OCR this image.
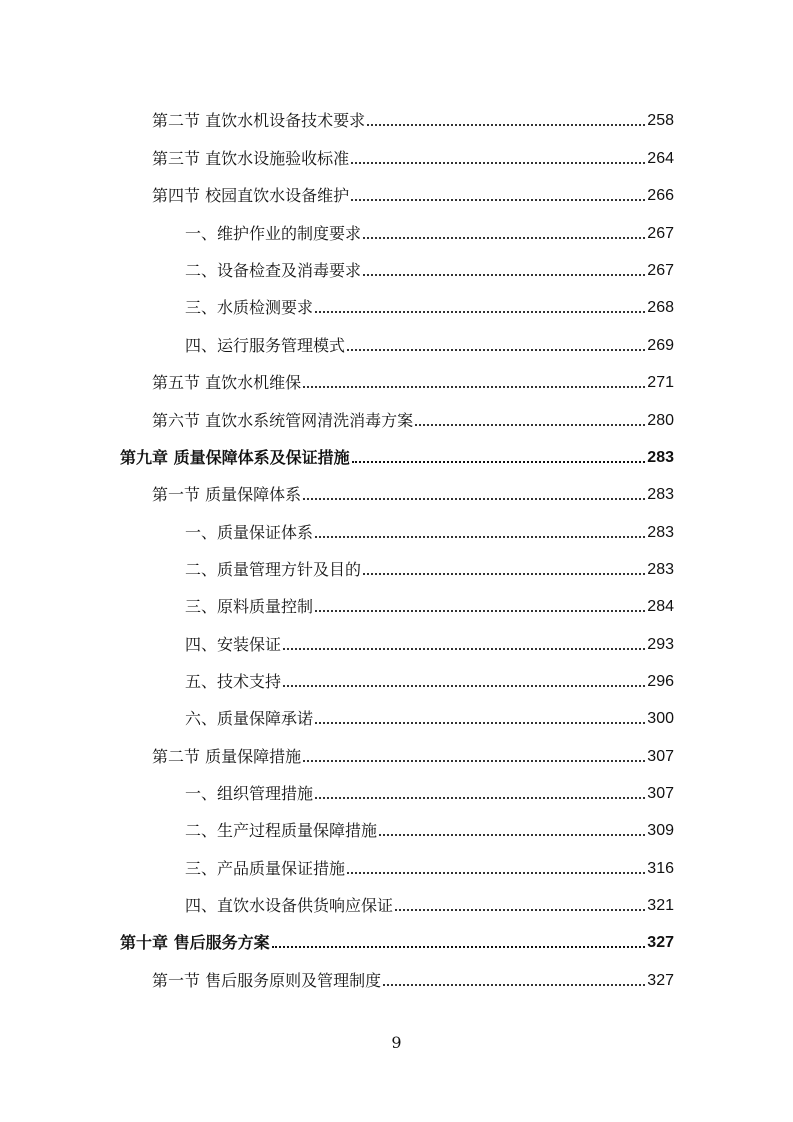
第二节 直饮水机设备技术要求	258
第三节 直饮水设施验收标准	264
第四节 校园直饮水设备维护	266
一、维护作业的制度要求	267
二、设备检查及消毒要求	267
三、水质检测要求	268
四、运行服务管理模式	269
第五节 直饮水机维保	271
第六节 直饮水系统管网清洗消毒方案	280
第九章 质量保障体系及保证措施	283
第一节 质量保障体系	283
一、质量保证体系	283
二、质量管理方针及目的	283
三、原料质量控制	284
四、安装保证	293
五、技术支持	296
六、质量保障承诺	300
第二节 质量保障措施	307
一、组织管理措施	307
二、生产过程质量保障措施	309
三、产品质量保证措施	316
四、直饮水设备供货响应保证	321
第十章 售后服务方案	327
第一节 售后服务原则及管理制度	327
9
